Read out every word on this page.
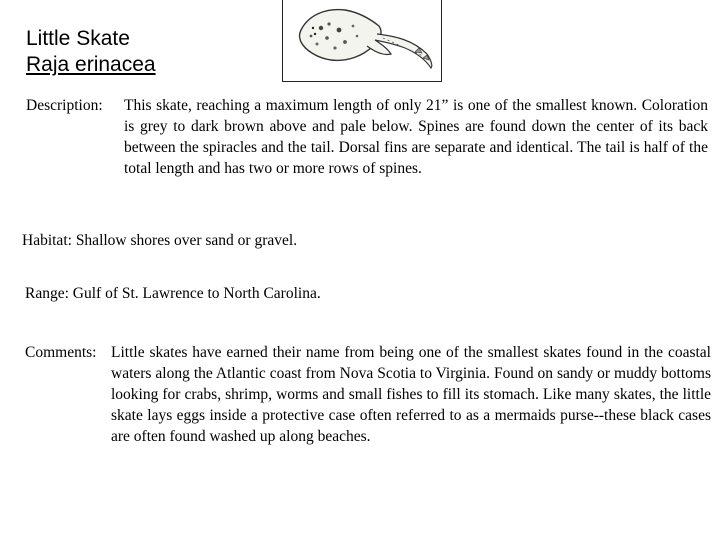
Little Skate
Raja erinacea
Description: This skate, reaching a maximum length of only 21” is one of the smallest known. Coloration is grey to dark brown above and pale below. Spines are found down the center of its back between the spiracles and the tail. Dorsal fins are separate and identical. The tail is half of the total length and has two or more rows of spines.
Habitat: Shallow shores over sand or gravel.
Range: Gulf of St. Lawrence to North Carolina.
Comments: Little skates have earned their name from being one of the smallest skates found in the coastal waters along the Atlantic coast from Nova Scotia to Virginia. Found on sandy or muddy bottoms looking for crabs, shrimp, worms and small fishes to fill its stomach. Like many skates, the little skate lays eggs inside a protective case often referred to as a mermaids purse--these black cases are often found washed up along beaches.
